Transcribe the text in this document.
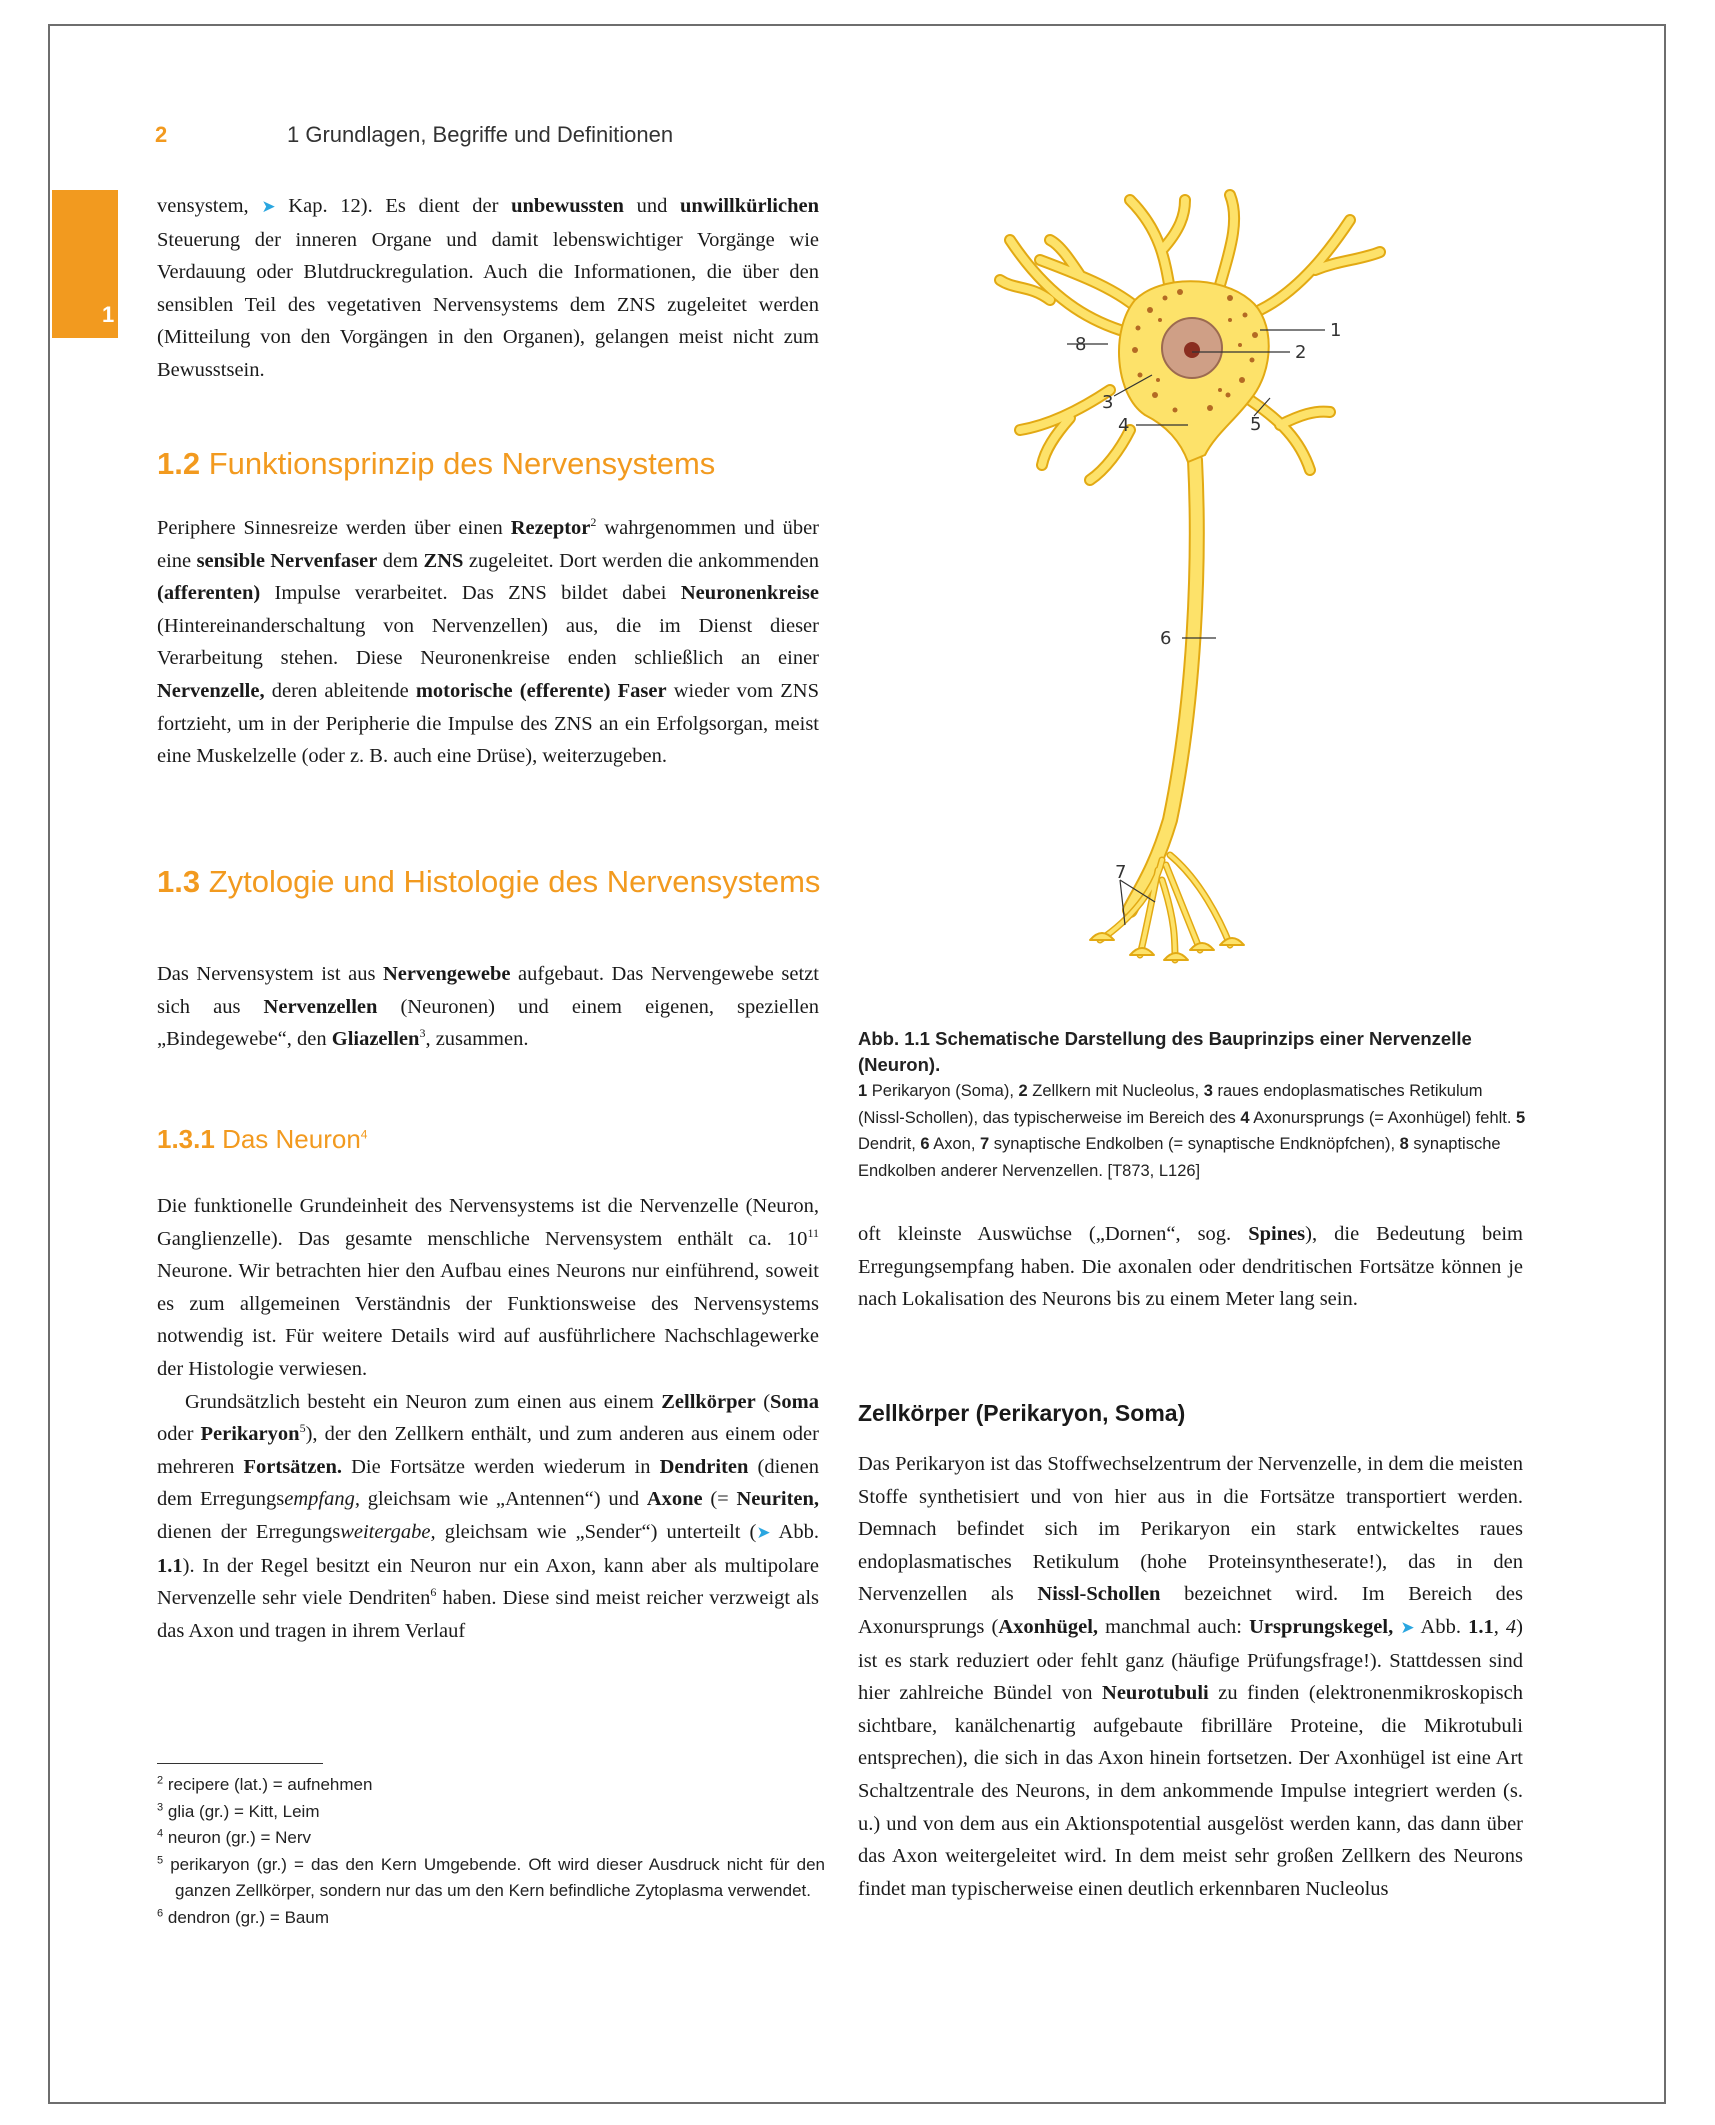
1
2	1 Grundlagen, Begriffe und Definitionen

vensystem, ➤ Kap. 12). Es dient der unbewussten und unwillkürlichen Steuerung der inneren Organe und damit lebenswichtiger Vorgänge wie Verdauung oder Blutdruckregulation. Auch die Informationen, die über den sensiblen Teil des vegetativen Nervensystems dem ZNS zugeleitet werden (Mitteilung von den Vorgängen in den Organen), gelangen meist nicht zum Bewusstsein.

1.2 Funktionsprinzip des Nervensystems

Periphere Sinnesreize werden über einen Rezeptor$^2$ wahrgenommen und über eine sensible Nervenfaser dem ZNS zugeleitet. Dort werden die ankommenden (afferenten) Impulse verarbeitet. Das ZNS bildet dabei Neuronenkreise (Hintereinanderschaltung von Nervenzellen) aus, die im Dienst dieser Verarbeitung stehen. Diese Neuronenkreise enden schließlich an einer Nervenzelle, deren ableitende motorische (efferente) Faser wieder vom ZNS fortzieht, um in der Peripherie die Impulse des ZNS an ein Erfolgsorgan, meist eine Muskelzelle (oder z. B. auch eine Drüse), weiterzugeben.

1.3 Zytologie und Histologie des Nervensystems

Das Nervensystem ist aus Nervengewebe aufgebaut. Das Nervengewebe setzt sich aus Nervenzellen (Neuronen) und einem eigenen, speziellen „Bindegewebe“, den Gliazellen$^3$, zusammen.

1.3.1 Das Neuron$^4$

Die funktionelle Grundeinheit des Nervensystems ist die Nervenzelle (Neuron, Ganglienzelle). Das gesamte menschliche Nervensystem enthält ca. $10^{11}$ Neurone. Wir betrachten hier den Aufbau eines Neurons nur einführend, soweit es zum allgemeinen Verständnis der Funktionsweise des Nervensystems notwendig ist. Für weitere Details wird auf ausführlichere Nachschlagewerke der Histologie verwiesen.

Grundsätzlich besteht ein Neuron zum einen aus einem Zellkörper (Soma oder Perikaryon$^5$), der den Zellkern enthält, und zum anderen aus einem oder mehreren Fortsätzen. Die Fortsätze werden wiederum in Dendriten (dienen dem Erregungsempfang, gleichsam wie „Antennen“) und Axone (= Neuriten, dienen der Erregungsweitergabe, gleichsam wie „Sender“) unterteilt (➤ Abb. 1.1). In der Regel besitzt ein Neuron nur ein Axon, kann aber als multipolare Nervenzelle sehr viele Dendriten$^6$ haben. Diese sind meist reicher verzweigt als das Axon und tragen in ihrem Verlauf

$^2$ recipere (lat.) = aufnehmen
$^3$ glia (gr.) = Kitt, Leim
$^4$ neuron (gr.) = Nerv
$^5$ perikaryon (gr.) = das den Kern Umgebende. Oft wird dieser Ausdruck nicht für den ganzen Zellkörper, sondern nur das um den Kern befindliche Zytoplasma verwendet.
$^6$ dendron (gr.) = Baum
1
2
3
4	5
6
7
8
Abb. 1.1 Schematische Darstellung des Bauprinzips einer Nervenzelle (Neuron).
1 Perikaryon (Soma), 2 Zellkern mit Nucleolus, 3 raues endoplasmatisches Retikulum (Nissl-Schollen), das typischerweise im Bereich des 4 Axonursprungs (= Axonhügel) fehlt. 5 Dendrit, 6 Axon, 7 synaptische Endkolben (= synaptische Endknöpfchen), 8 synaptische Endkolben anderer Nervenzellen. [T873, L126]

oft kleinste Auswüchse („Dornen“, sog. Spines), die Bedeutung beim Erregungsempfang haben. Die axonalen oder dendritischen Fortsätze können je nach Lokalisation des Neurons bis zu einem Meter lang sein.

Zellkörper (Perikaryon, Soma)

Das Perikaryon ist das Stoffwechselzentrum der Nervenzelle, in dem die meisten Stoffe synthetisiert und von hier aus in die Fortsätze transportiert werden. Demnach befindet sich im Perikaryon ein stark entwickeltes raues endoplasmatisches Retikulum (hohe Proteinsyntheserate!), das in den Nervenzellen als Nissl-Schollen bezeichnet wird. Im Bereich des Axonursprungs (Axonhügel, manchmal auch: Ursprungskegel, ➤ Abb. 1.1, 4) ist es stark reduziert oder fehlt ganz (häufige Prüfungsfrage!). Stattdessen sind hier zahlreiche Bündel von Neurotubuli zu finden (elektronenmikroskopisch sichtbare, kanälchenartig aufgebaute fibrilläre Proteine, die Mikrotubuli entsprechen), die sich in das Axon hinein fortsetzen. Der Axonhügel ist eine Art Schaltzentrale des Neurons, in dem ankommende Impulse integriert werden (s. u.) und von dem aus ein Aktionspotential ausgelöst werden kann, das dann über das Axon weitergeleitet wird. In dem meist sehr großen Zellkern des Neurons findet man typischerweise einen deutlich erkennbaren Nucleolus
